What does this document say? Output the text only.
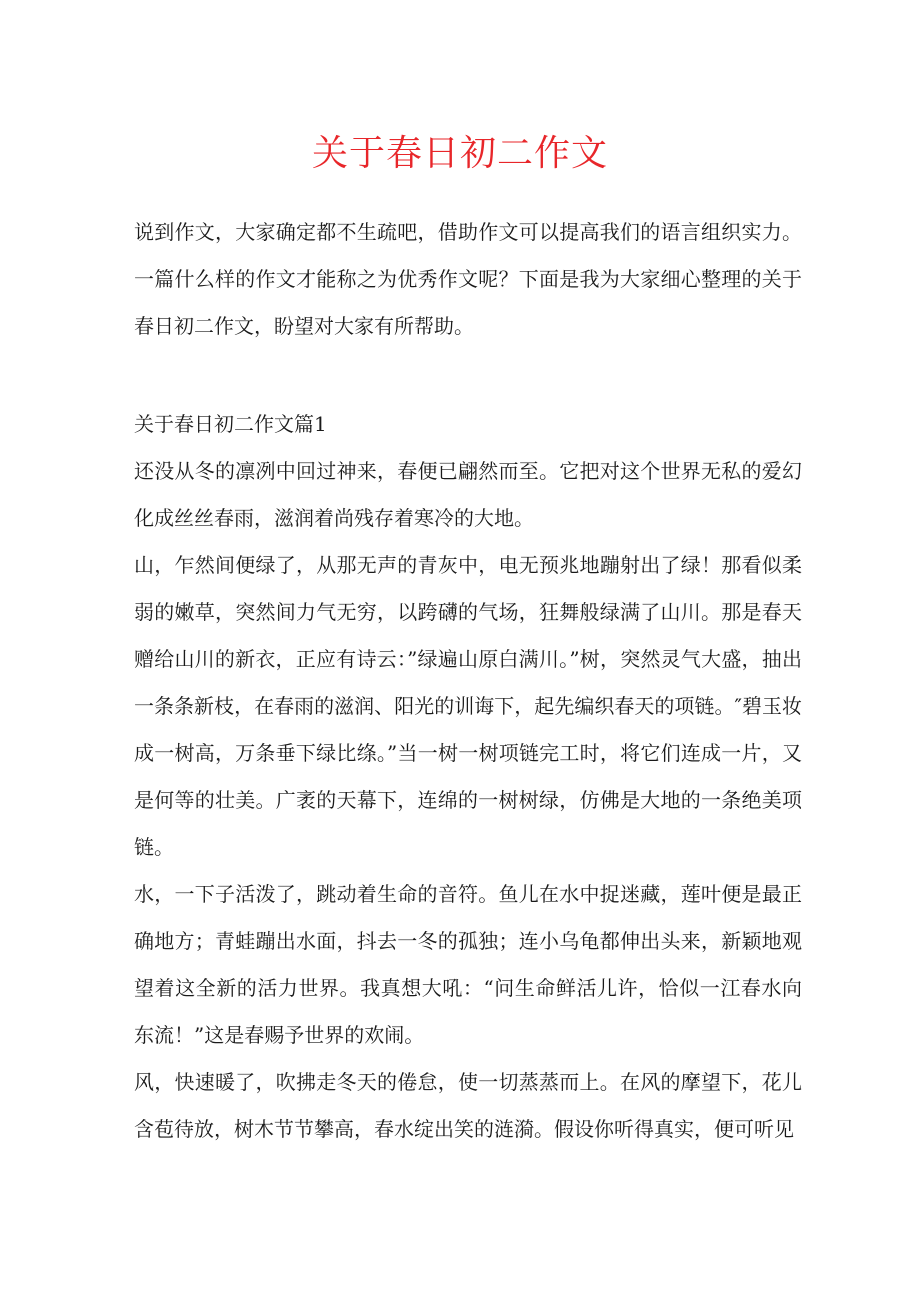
关于春日初二作文
说到作文，大家确定都不生疏吧，借助作文可以提高我们的语言组织实力。一篇什么样的作文才能称之为优秀作文呢？下面是我为大家细心整理的关于春日初二作文，盼望对大家有所帮助。
关于春日初二作文篇1

还没从冬的凛冽中回过神来，春便已翩然而至。它把对这个世界无私的爱幻化成丝丝春雨，滋润着尚残存着寒冷的大地。

山，乍然间便绿了，从那无声的青灰中，电无预兆地蹦射出了绿！那看似柔弱的嫩草，突然间力气无穷，以跨礴的气场，狂舞般绿满了山川。那是春天赠给山川的新衣，正应有诗云：”绿遍山原白满川。”树，突然灵气大盛，抽出一条条新枝，在春雨的滋润、阳光的训诲下，起先编织春天的项链。″碧玉妆成一树高，万条垂下绿比绦。”当一树一树项链完工时，将它们连成一片，又是何等的壮美。广袤的天幕下，连绵的一树树绿，仿佛是大地的一条绝美项链。

水，一下子活泼了，跳动着生命的音符。鱼儿在水中捉迷藏，莲叶便是最正确地方；青蛙蹦出水面，抖去一冬的孤独；连小乌龟都伸出头来，新颖地观望着这全新的活力世界。我真想大吼：“问生命鲜活儿许，恰似一江春水向东流！”这是春赐予世界的欢闹。

风，快速暖了，吹拂走冬天的倦怠，使一切蒸蒸而上。在风的摩望下，花儿含苞待放，树木节节攀高，春水绽出笑的涟漪。假设你听得真实，便可听见
